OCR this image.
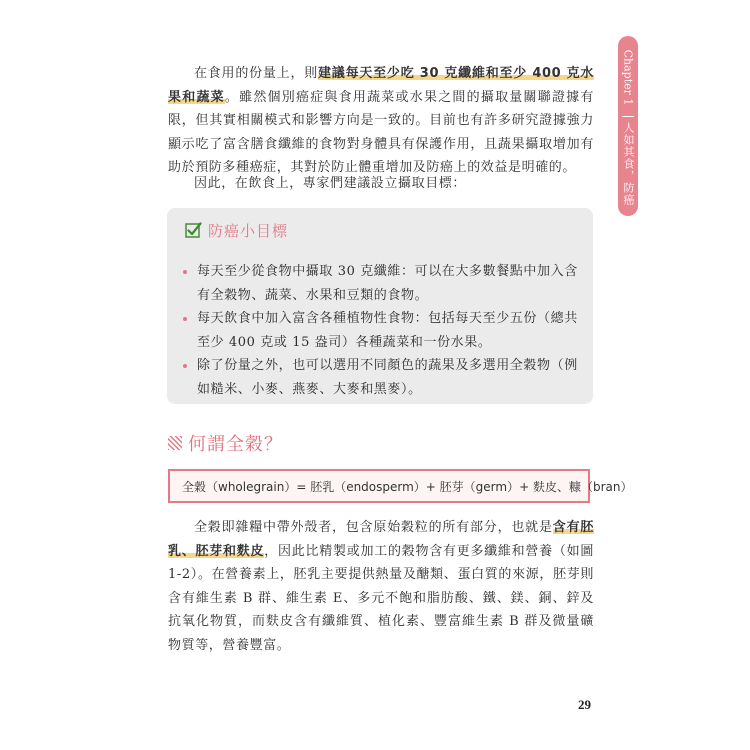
Chapter 1
人如其食，防癌要及時

在食用的份量上，則建議每天至少吃 30 克纖維和至少 400 克水果和蔬菜。雖然個別癌症與食用蔬菜或水果之間的攝取量關聯證據有限，但其實相關模式和影響方向是一致的。目前也有許多研究證據強力顯示吃了富含膳食纖維的食物對身體具有保護作用，且蔬果攝取增加有助於預防多種癌症，其對於防止體重增加及防癌上的效益是明確的。

因此，在飲食上，專家們建議設立攝取目標：

防癌小目標
每天至少從食物中攝取 30 克纖維：可以在大多數餐點中加入含有全穀物、蔬菜、水果和豆類的食物。
每天飲食中加入富含各種植物性食物：包括每天至少五份（總共至少 400 克或 15 盎司）各種蔬菜和一份水果。
除了份量之外，也可以選用不同顏色的蔬果及多選用全穀物（例如糙米、小麥、燕麥、大麥和黑麥）。
何謂全穀？
全穀（wholegrain）= 胚乳（endosperm）+ 胚芽（germ）+ 麩皮、糠（bran）

全穀即雜糧中帶外殼者，包含原始穀粒的所有部分，也就是含有胚乳、胚芽和麩皮，因此比精製或加工的穀物含有更多纖維和營養（如圖 1-2）。在營養素上，胚乳主要提供熱量及醣類、蛋白質的來源，胚芽則含有維生素 B 群、維生素 E、多元不飽和脂肪酸、鐵、鎂、銅、鋅及抗氧化物質，而麩皮含有纖維質、植化素、豐富維生素 B 群及微量礦物質等，營養豐富。

29
